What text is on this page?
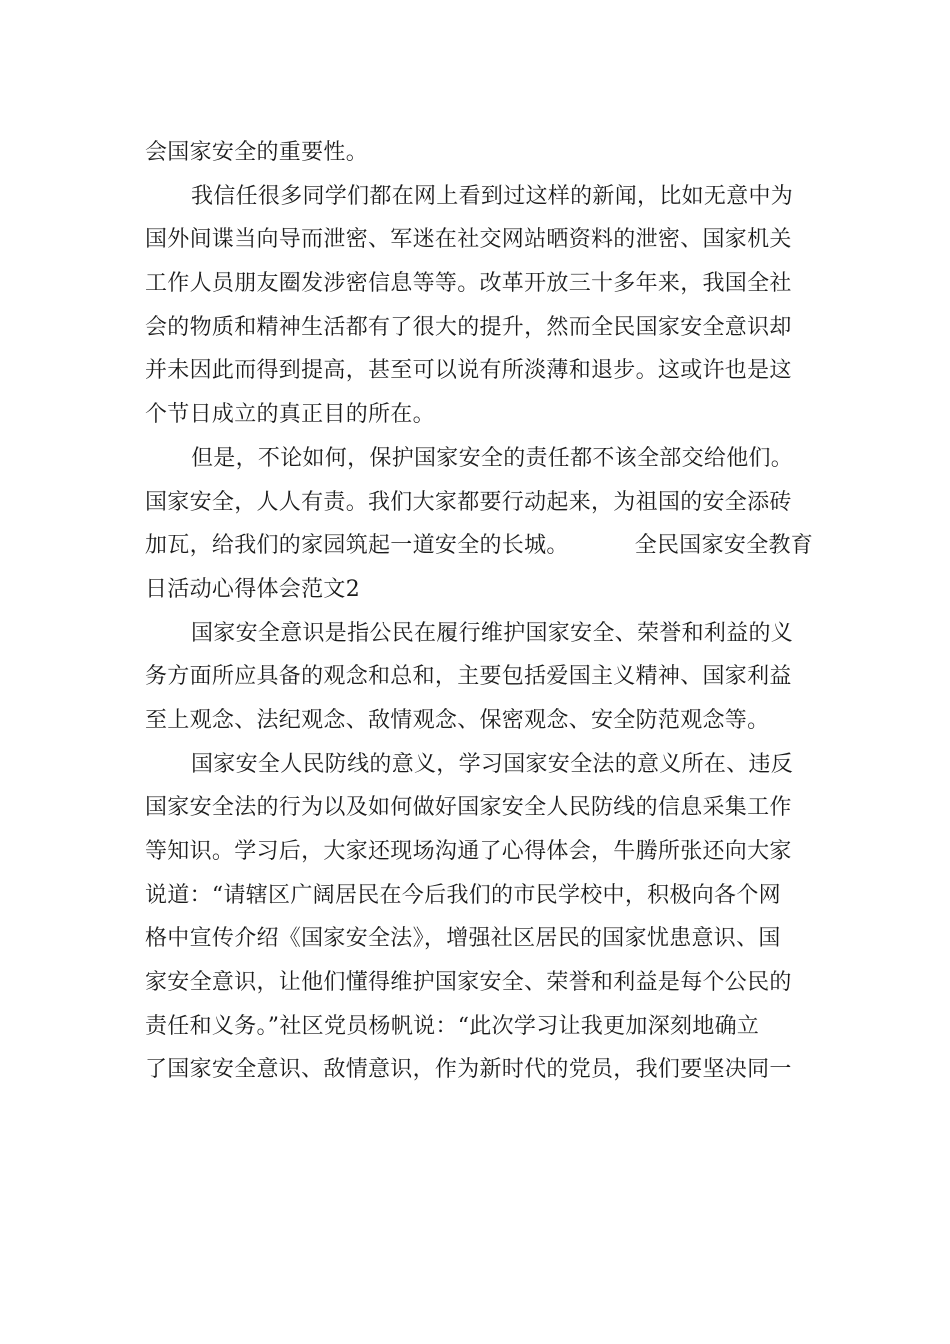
会国家安全的重要性。
我信任很多同学们都在网上看到过这样的新闻，比如无意中为
国外间谍当向导而泄密、军迷在社交网站晒资料的泄密、国家机关
工作人员朋友圈发涉密信息等等。改革开放三十多年来，我国全社
会的物质和精神生活都有了很大的提升，然而全民国家安全意识却
并未因此而得到提高，甚至可以说有所淡薄和退步。这或许也是这
个节日成立的真正目的所在。
但是，不论如何，保护国家安全的责任都不该全部交给他们。
国家安全，人人有责。我们大家都要行动起来，为祖国的安全添砖
加瓦，给我们的家园筑起一道安全的长城。	全民国家安全教育
日活动心得体会范文2
国家安全意识是指公民在履行维护国家安全、荣誉和利益的义
务方面所应具备的观念和总和，主要包括爱国主义精神、国家利益
至上观念、法纪观念、敌情观念、保密观念、安全防范观念等。
国家安全人民防线的意义，学习国家安全法的意义所在、违反
国家安全法的行为以及如何做好国家安全人民防线的信息采集工作
等知识。学习后，大家还现场沟通了心得体会，牛腾所张还向大家
说道：“请辖区广阔居民在今后我们的市民学校中，积极向各个网
格中宣传介绍《国家安全法》，增强社区居民的国家忧患意识、国
家安全意识，让他们懂得维护国家安全、荣誉和利益是每个公民的
责任和义务。”社区党员杨帆说：“此次学习让我更加深刻地确立
了国家安全意识、敌情意识，作为新时代的党员，我们要坚决同一
